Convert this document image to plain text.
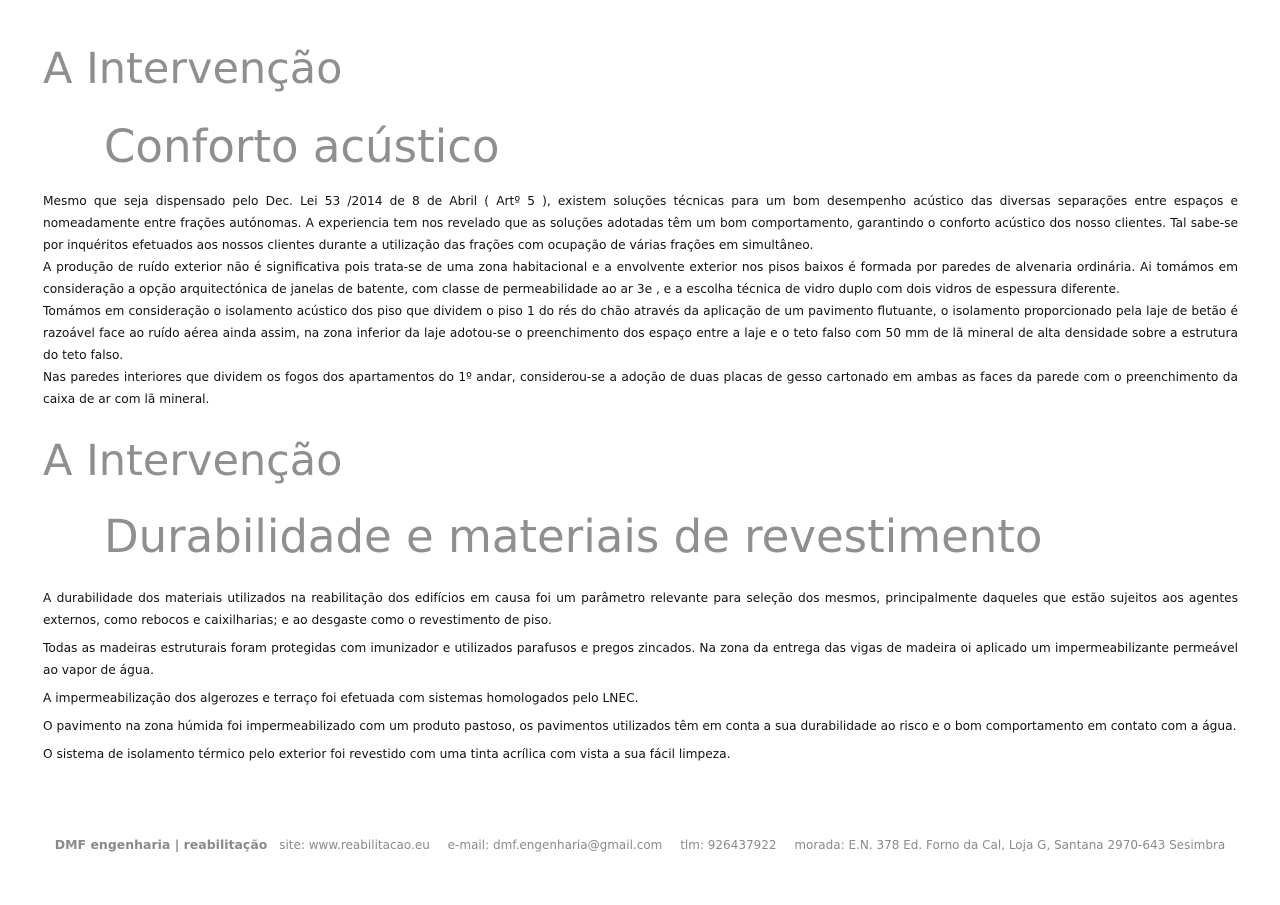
A Intervenção
Conforto acústico

Mesmo que seja dispensado pelo Dec. Lei 53 /2014 de 8 de Abril ( Artº 5 ), existem soluções técnicas para um bom desempenho acústico das diversas separações entre espaços e nomeadamente entre frações autónomas. A experiencia tem nos revelado que as soluções adotadas têm um bom comportamento, garantindo o conforto acústico dos nosso clientes. Tal sabe-se por inquéritos efetuados aos nossos clientes durante a utilização das frações com ocupação de várias frações em simultâneo.

A produção de ruído exterior não é significativa pois trata-se de uma zona habitacional e a envolvente exterior nos pisos baixos é formada por paredes de alvenaria ordinária. Ai tomámos em consideração a opção arquitectónica de janelas de batente, com classe de permeabilidade ao ar 3e , e a escolha técnica de vidro duplo com dois vidros de espessura diferente.

Tomámos em consideração o isolamento acústico dos piso que dividem o piso 1 do rés do chão através da aplicação de um pavimento flutuante, o isolamento proporcionado pela laje de betão é razoável face ao ruído aérea ainda assim, na zona inferior da laje adotou-se o preenchimento dos espaço entre a laje e o teto falso com 50 mm de lã mineral de alta densidade sobre a estrutura do teto falso.

Nas paredes interiores que dividem os fogos dos apartamentos do 1º andar, considerou-se a adoção de duas placas de gesso cartonado em ambas as faces da parede com o preenchimento da caixa de ar com lã mineral.

A Intervenção
Durabilidade e materiais de revestimento

A durabilidade dos materiais utilizados na reabilitação dos edifícios em causa foi um parâmetro relevante para seleção dos mesmos, principalmente daqueles que estão sujeitos aos agentes externos, como rebocos e caixilharias; e ao desgaste como o revestimento de piso.

Todas as madeiras estruturais foram protegidas com imunizador e utilizados parafusos e pregos zincados. Na zona da entrega das vigas de madeira oi aplicado um impermeabilizante permeável ao vapor de água.

A impermeabilização dos algerozes e terraço foi efetuada com sistemas homologados pelo LNEC.

O pavimento na zona húmida foi impermeabilizado com um produto pastoso, os pavimentos utilizados têm em conta a sua durabilidade ao risco e o bom comportamento em contato com a água.

O sistema de isolamento térmico pelo exterior foi revestido com uma tinta acrílica com vista a sua fácil limpeza.

DMF engenharia | reabilitação site: www.reabilitacao.eu e-mail: dmf.engenharia@gmail.com tlm: 926437922 morada: E.N. 378 Ed. Forno da Cal, Loja G, Santana 2970-643 Sesimbra
